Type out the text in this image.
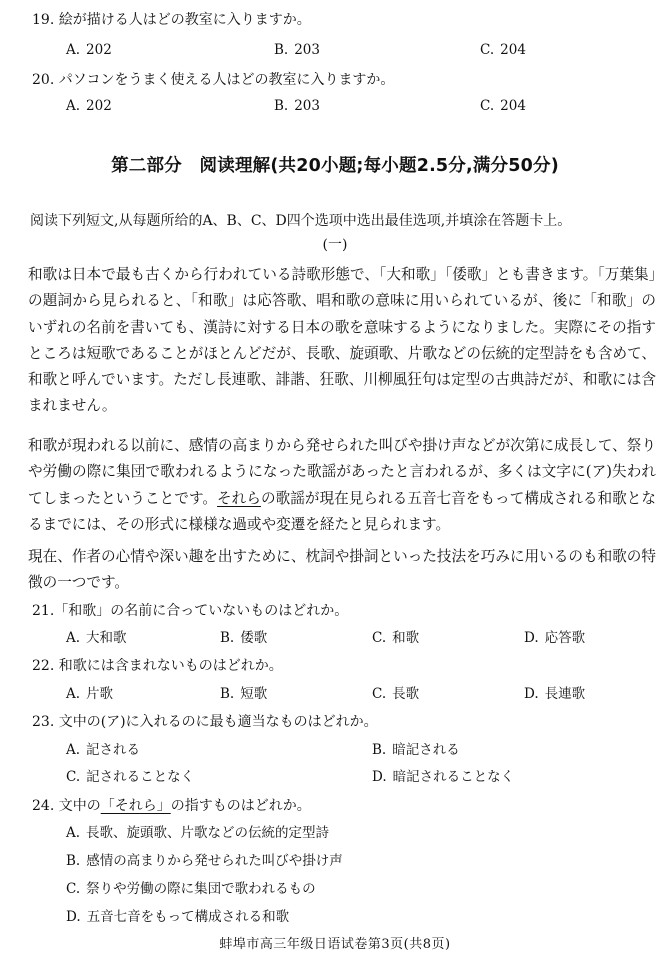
19. 絵が描ける人はどの教室に入りますか。
A. 202	B. 203	C. 204
20. パソコンをうまく使える人はどの教室に入りますか。
A. 202	B. 203	C. 204
第二部分　阅读理解(共20小题;每小题2.5分,满分50分)
阅读下列短文,从每题所给的A、B、C、D四个选项中选出最佳选项,并填涂在答题卡上。
(一)

和歌は日本で最も古くから行われている詩歌形態で、「大和歌」「倭歌」とも書きます。「万葉集」の題詞から見られると、「和歌」は応答歌、唱和歌の意味に用いられているが、後に「和歌」のいずれの名前を書いても、漢詩に対する日本の歌を意味するようになりました。実際にその指すところは短歌であることがほとんどだが、長歌、旋頭歌、片歌などの伝統的定型詩をも含めて、和歌と呼んでいます。ただし長連歌、誹諧、狂歌、川柳風狂句は定型の古典詩だが、和歌には含まれません。

和歌が現われる以前に、感情の高まりから発せられた叫びや掛け声などが次第に成長して、祭りや労働の際に集団で歌われるようになった歌謡があったと言われるが、多くは文字に(ア)失われてしまったということです。それらの歌謡が現在見られる五音七音をもって構成される和歌となるまでには、その形式に様様な過或や変遷を経たと見られます。

現在、作者の心情や深い趣を出すために、枕詞や掛詞といった技法を巧みに用いるのも和歌の特徴の一つです。

21.「和歌」の名前に合っていないものはどれか。
A. 大和歌	B. 倭歌	C. 和歌	D. 応答歌
22. 和歌には含まれないものはどれか。
A. 片歌	B. 短歌	C. 長歌	D. 長連歌
23. 文中の(ア)に入れるのに最も適当なものはどれか。
A. 記される	B. 暗記される
C. 記されることなく	D. 暗記されることなく
24. 文中の「それら」の指すものはどれか。
A. 長歌、旋頭歌、片歌などの伝統的定型詩
B. 感情の高まりから発せられた叫びや掛け声
C. 祭りや労働の際に集団で歌われるもの
D. 五音七音をもって構成される和歌
蚌埠市高三年级日语试卷第3页(共8页)
